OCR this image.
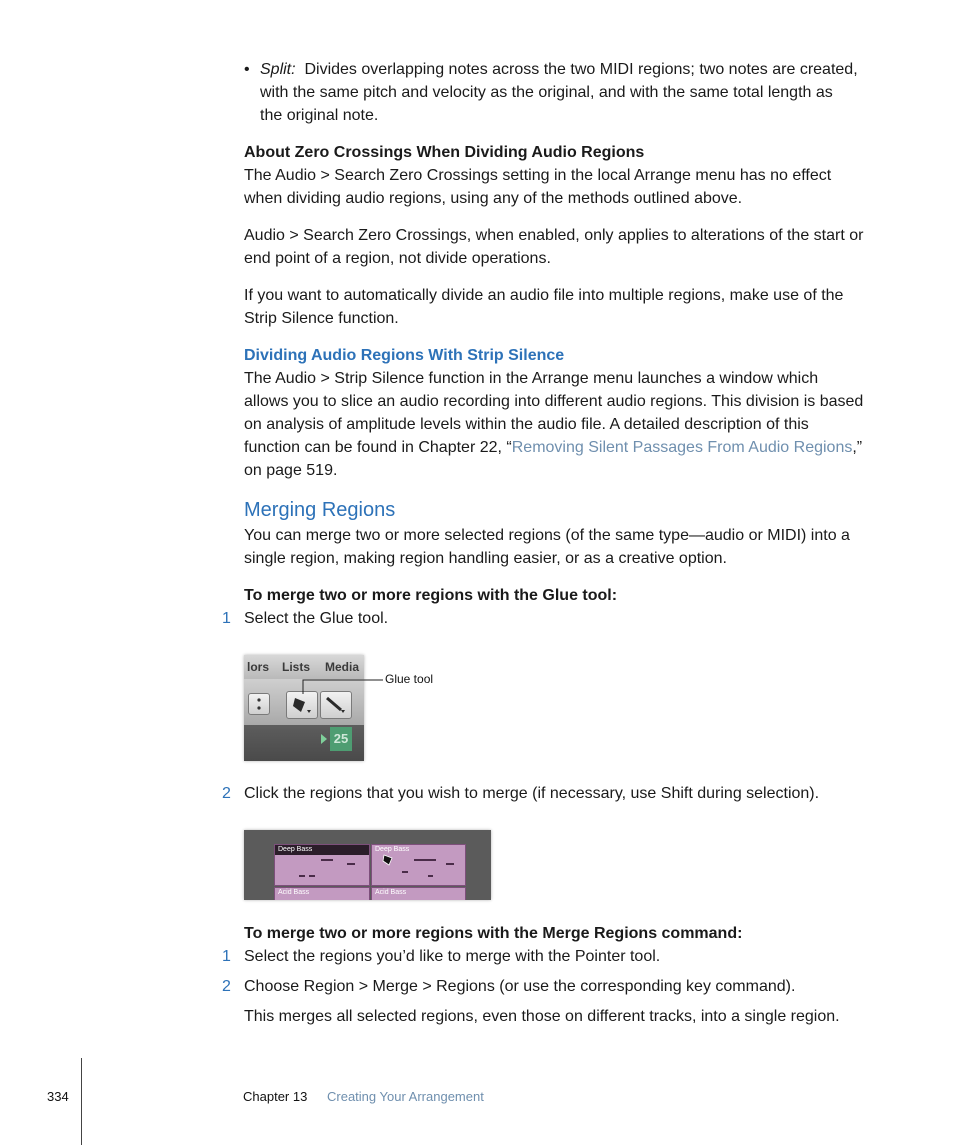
• Split: Divides overlapping notes across the two MIDI regions; two notes are created,
with the same pitch and velocity as the original, and with the same total length as
the original note.
About Zero Crossings When Dividing Audio Regions
The Audio > Search Zero Crossings setting in the local Arrange menu has no effect
when dividing audio regions, using any of the methods outlined above.
Audio > Search Zero Crossings, when enabled, only applies to alterations of the start or
end point of a region, not divide operations.
If you want to automatically divide an audio file into multiple regions, make use of the
Strip Silence function.
Dividing Audio Regions With Strip Silence
The Audio > Strip Silence function in the Arrange menu launches a window which
allows you to slice an audio recording into different audio regions. This division is based
on analysis of amplitude levels within the audio file. A detailed description of this
function can be found in Chapter 22, “Removing Silent Passages From Audio Regions,”
on page 519.
Merging Regions
You can merge two or more selected regions (of the same type—audio or MIDI) into a
single region, making region handling easier, or as a creative option.
To merge two or more regions with the Glue tool:
1 Select the Glue tool.
lors Lists Media
25
Glue tool
2 Click the regions that you wish to merge (if necessary, use Shift during selection).
Deep Bass	Deep Bass
Acid Bass	Acid Bass
To merge two or more regions with the Merge Regions command:
1 Select the regions you’d like to merge with the Pointer tool.
2 Choose Region > Merge > Regions (or use the corresponding key command).
This merges all selected regions, even those on different tracks, into a single region.
334	Chapter 13 Creating Your Arrangement
